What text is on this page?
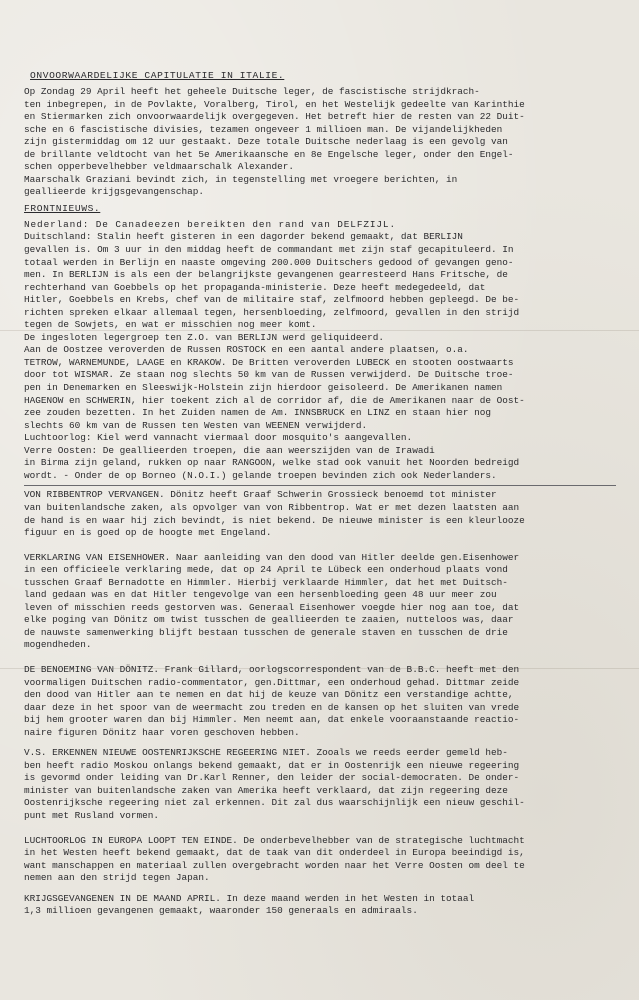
ONVOORWAARDELIJKE CAPITULATIE IN ITALIE.
Op Zondag 29 April heeft het geheele Duitsche leger, de fascistische strijdkrach-
ten inbegrepen, in de Povlakte, Voralberg, Tirol, en het Westelijk gedeelte van Karinthie
en Stiermarken zich onvoorwaardelijk overgegeven. Het betreft hier de resten van 22 Duit-
sche en 6 fascistische divisies, tezamen ongeveer 1 millioen man. De vijandelijkheden
zijn gistermiddag om 12 uur gestaakt. Deze totale Duitsche nederlaag is een gevolg van
de brillante veldtocht van het 5e Amerikaansche en 8e Engelsche leger, onder den Engel-
schen opperbevelhebber veldmaarschalk Alexander.
Maarschalk Graziani bevindt zich, in tegenstelling met vroegere berichten, in
geallieerde krijgsgevangenschap.
FRONTNIEUWS.
Nederland: De Canadeezen bereikten den rand van DELFZIJL.
Duitschland: Stalin heeft gisteren in een dagorder bekend gemaakt, dat BERLIJN
gevallen is. Om 3 uur in den middag heeft de commandant met zijn staf gecapituleerd. In
totaal werden in Berlijn en naaste omgeving 200.000 Duitschers gedood of gevangen geno-
men. In BERLIJN is als een der belangrijkste gevangenen gearresteerd Hans Fritsche, de
rechterhand van Goebbels op het propaganda-ministerie. Deze heeft medegedeeld, dat
Hitler, Goebbels en Krebs, chef van de militaire staf, zelfmoord hebben gepleegd. De be-
richten spreken elkaar allemaal tegen, hersenbloeding, zelfmoord, gevallen in den strijd
tegen de Sowjets, en wat er misschien nog meer komt.
De ingesloten legergroep ten Z.O. van BERLIJN werd geliquideerd.
Aan de Oostzee veroverden de Russen ROSTOCK en een aantal andere plaatsen, o.a.
TETROW, WARNEMUNDE, LAAGE en KRAKOW. De Britten veroverden LUBECK en stooten oostwaarts
door tot WISMAR. Ze staan nog slechts 50 km van de Russen verwijderd. De Duitsche troe-
pen in Denemarken en Sleeswijk-Holstein zijn hierdoor geisoleerd. De Amerikanen namen
HAGENOW en SCHWERIN, hier toekent zich al de corridor af, die de Amerikanen naar de Oost-
zee zouden bezetten. In het Zuiden namen de Am. INNSBRUCK en LINZ en staan hier nog
slechts 60 km van de Russen ten Westen van WEENEN verwijderd.
Luchtoorlog: Kiel werd vannacht viermaal door mosquito's aangevallen.
Verre Oosten: De geallieerden troepen, die aan weerszijden van de Irawadi
in Birma zijn geland, rukken op naar RANGOON, welke stad ook vanuit het Noorden bedreigd
wordt. - Onder de op Borneo (N.O.I.) gelande troepen bevinden zich ook Nederlanders.
VON RIBBENTROP VERVANGEN. Dönitz heeft Graaf Schwerin Grossieck benoemd tot minister
van buitenlandsche zaken, als opvolger van von Ribbentrop. Wat er met dezen laatsten aan
de hand is en waar hij zich bevindt, is niet bekend. De nieuwe minister is een kleurlooze
figuur en is goed op de hoogte met Engeland.
VERKLARING VAN EISENHOWER. Naar aanleiding van den dood van Hitler deelde gen.Eisenhower
in een officieele verklaring mede, dat op 24 April te Lübeck een onderhoud plaats vond
tusschen Graaf Bernadotte en Himmler. Hierbij verklaarde Himmler, dat het met Duitsch-
land gedaan was en dat Hitler tengevolge van een hersenbloeding geen 48 uur meer zou
leven of misschien reeds gestorven was. Generaal Eisenhower voegde hier nog aan toe, dat
elke poging van Dönitz om twist tusschen de geallieerden te zaaien, nutteloos was, daar
de nauwste samenwerking blijft bestaan tusschen de generale staven en tusschen de drie
mogendheden.
DE BENOEMING VAN DÖNITZ. Frank Gillard, oorlogscorrespondent van de B.B.C. heeft met den
voormaligen Duitschen radio-commentator, gen.Dittmar, een onderhoud gehad. Dittmar zeide
den dood van Hitler aan te nemen en dat hij de keuze van Dönitz een verstandige achtte,
daar deze in het spoor van de weermacht zou treden en de kansen op het sluiten van vrede
bij hem grooter waren dan bij Himmler. Men neemt aan, dat enkele vooraanstaande reactio-
naire figuren Dönitz haar voren geschoven hebben.
V.S. ERKENNEN NIEUWE OOSTENRIJKSCHE REGEERING NIET. Zooals we reeds eerder gemeld heb-
ben heeft radio Moskou onlangs bekend gemaakt, dat er in Oostenrijk een nieuwe regeering
is gevormd onder leiding van Dr.Karl Renner, den leider der social-democraten. De onder-
minister van buitenlandsche zaken van Amerika heeft verklaard, dat zijn regeering deze
Oostenrijksche regeering niet zal erkennen. Dit zal dus waarschijnlijk een nieuw geschil-
punt met Rusland vormen.
LUCHTOORLOG IN EUROPA LOOPT TEN EINDE. De onderbevelhebber van de strategische luchtmacht
in het Westen heeft bekend gemaakt, dat de taak van dit onderdeel in Europa beeindigd is,
want manschappen en materiaal zullen overgebracht worden naar het Verre Oosten om deel te
nemen aan den strijd tegen Japan.
KRIJGSGEVANGENEN IN DE MAAND APRIL. In deze maand werden in het Westen in totaal
1,3 millioen gevangenen gemaakt, waaronder 150 generaals en admiraals.
